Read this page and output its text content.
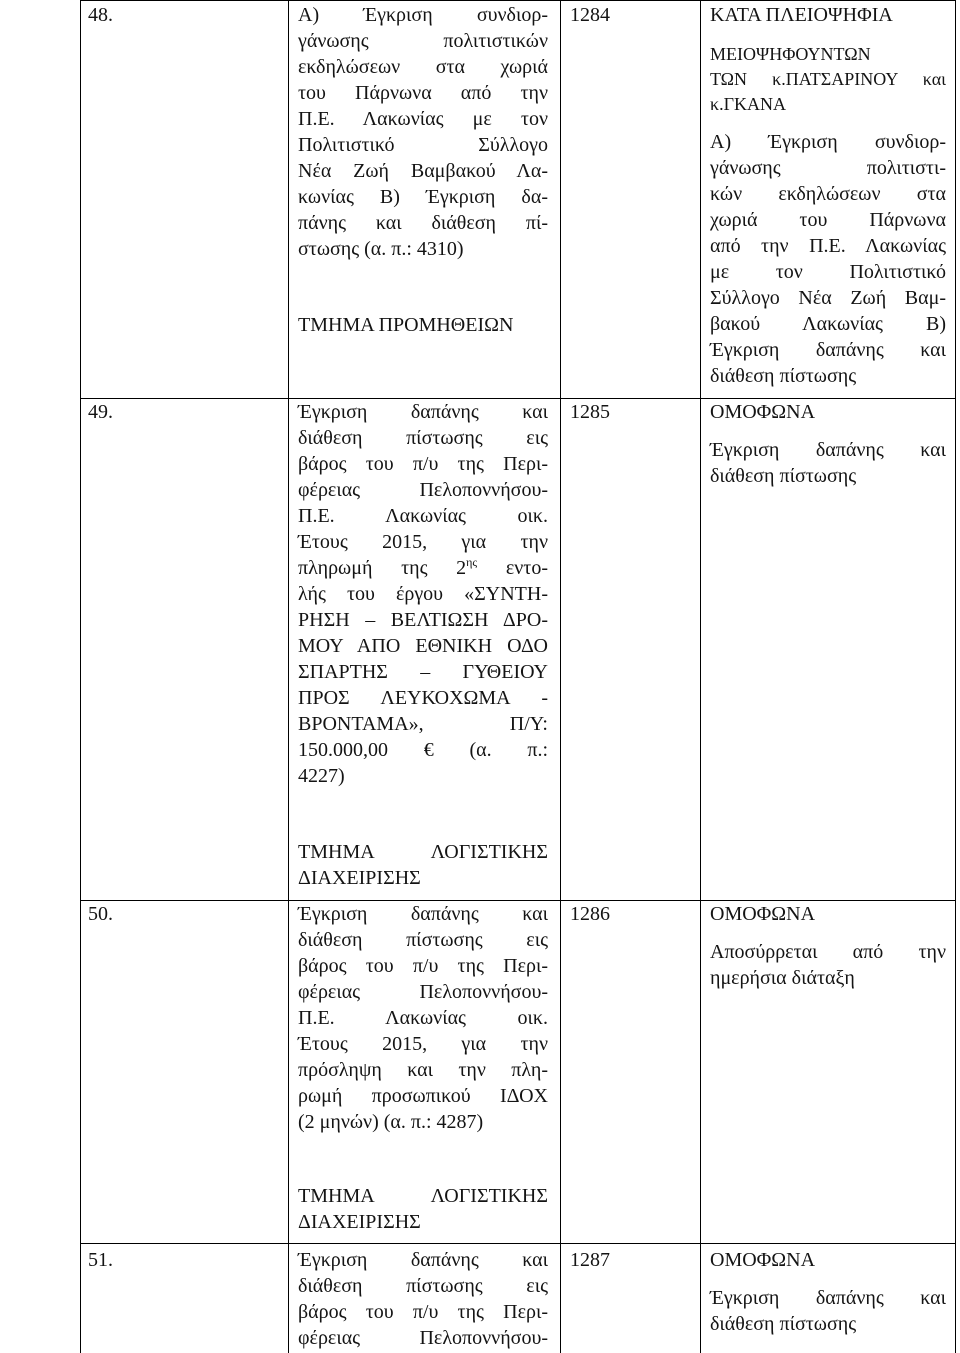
48.	Α) Έγκριση συνδιορ-
γάνωσης πολιτιστικών
εκδηλώσεων στα χωριά
του Πάρνωνα από την
Π.Ε. Λακωνίας με τον
Πολιτιστικό Σύλλογο
Νέα Ζωή Βαμβακού Λα-
κωνίας Β) Έγκριση δα-
πάνης και διάθεση πί-
στωσης (α. π.: 4310)
ΤΜΗΜΑ ΠΡΟΜΗΘΕΙΩΝ
1284	ΚΑΤΑ ΠΛΕΙΟΨΗΦΙΑ
ΜΕΙΟΨΗΦΟΥΝΤΩΝ
ΤΩΝ κ.ΠΑΤΣΑΡΙΝΟΥ και
κ.ΓΚΑΝΑ
Α) Έγκριση συνδιορ-
γάνωσης πολιτιστι-
κών εκδηλώσεων στα
χωριά του Πάρνωνα
από την Π.Ε. Λακωνίας
με τον Πολιτιστικό
Σύλλογο Νέα Ζωή Βαμ-
βακού Λακωνίας Β)
Έγκριση δαπάνης και
διάθεση πίστωσης
49.	Έγκριση δαπάνης και
διάθεση πίστωσης εις
βάρος του π/υ της Περι-
φέρειας Πελοποννήσου-
Π.Ε. Λακωνίας οικ.
Έτους 2015, για την
πληρωμή της $2^{\eta\varsigma}$ εντο-
λής του έργου «ΣΥΝΤΗ-
ΡΗΣΗ – ΒΕΛΤΙΩΣΗ ΔΡΟ-
ΜΟΥ ΑΠΟ ΕΘΝΙΚΗ ΟΔΟ
ΣΠΑΡΤΗΣ – ΓΥΘΕΙΟΥ
ΠΡΟΣ ΛΕΥΚΟΧΩΜΑ -
ΒΡΟΝΤΑΜΑ», Π/Υ:
150.000,00 € (α. π.:
4227)
ΤΜΗΜΑ ΛΟΓΙΣΤΙΚΗΣ
ΔΙΑΧΕΙΡΙΣΗΣ
1285	ΟΜΟΦΩΝΑ
Έγκριση δαπάνης και
διάθεση πίστωσης
50.	Έγκριση δαπάνης και
διάθεση πίστωσης εις
βάρος του π/υ της Περι-
φέρειας Πελοποννήσου-
Π.Ε. Λακωνίας οικ.
Έτους 2015, για την
πρόσληψη και την πλη-
ρωμή προσωπικού ΙΔΟΧ
(2 μηνών) (α. π.: 4287)
ΤΜΗΜΑ ΛΟΓΙΣΤΙΚΗΣ
ΔΙΑΧΕΙΡΙΣΗΣ
1286	ΟΜΟΦΩΝΑ
Αποσύρρεται από την
ημερήσια διάταξη
51.	Έγκριση δαπάνης και
διάθεση πίστωσης εις
βάρος του π/υ της Περι-
φέρειας Πελοποννήσου-
1287	ΟΜΟΦΩΝΑ
Έγκριση δαπάνης και
διάθεση πίστωσης
